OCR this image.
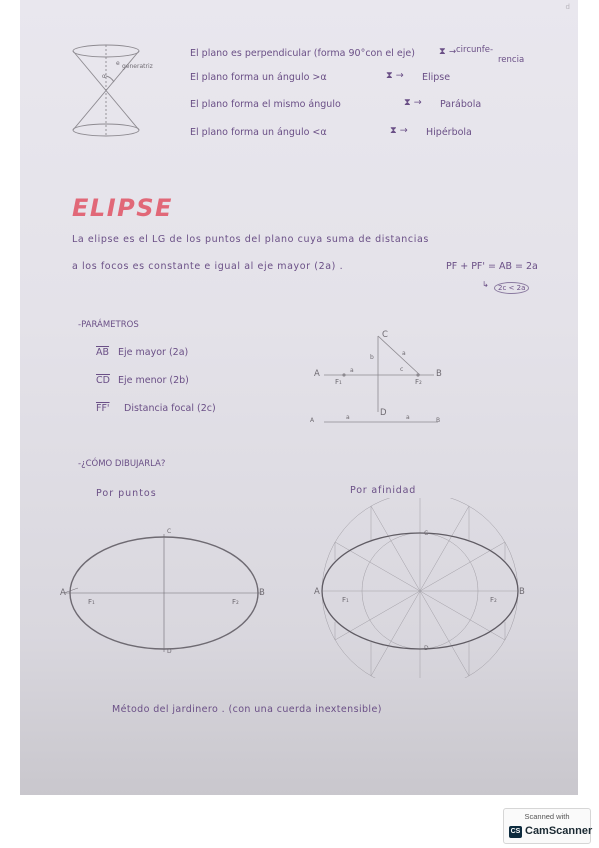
d
generatriz
e
α
El plano es perpendicular (forma 90°con el eje)	⧗ circunfe-
rencia
→
El plano forma un ángulo >α	⧗ → Elipse
El plano forma el mismo ángulo	⧗ → Parábola
El plano forma un ángulo <α	⧗ → Hipérbola
ELIPSE
La elipse es el LG de los puntos del plano cuya suma de distancias
a los focos es constante e igual al eje mayor (2a) .	PF + PF' = AB = 2a
↳	2c < 2a
-PARÁMETROS
$\overline{AB}$ Eje mayor (2a)
$\overline{CD}$ Eje menor (2b)
FF' Distancia focal (2c)
A	B
C
D
F₁	F₂
a
b
c
a
a	a
A	B
-¿CÓMO DIBUJARLA?
Por puntos	Por afinidad
A	B
C
D
F₁	F₂
A	B
C
D
F₁	F₂
Método del jardinero . (con una cuerda inextensible)
Scanned with
CS CamScanner
